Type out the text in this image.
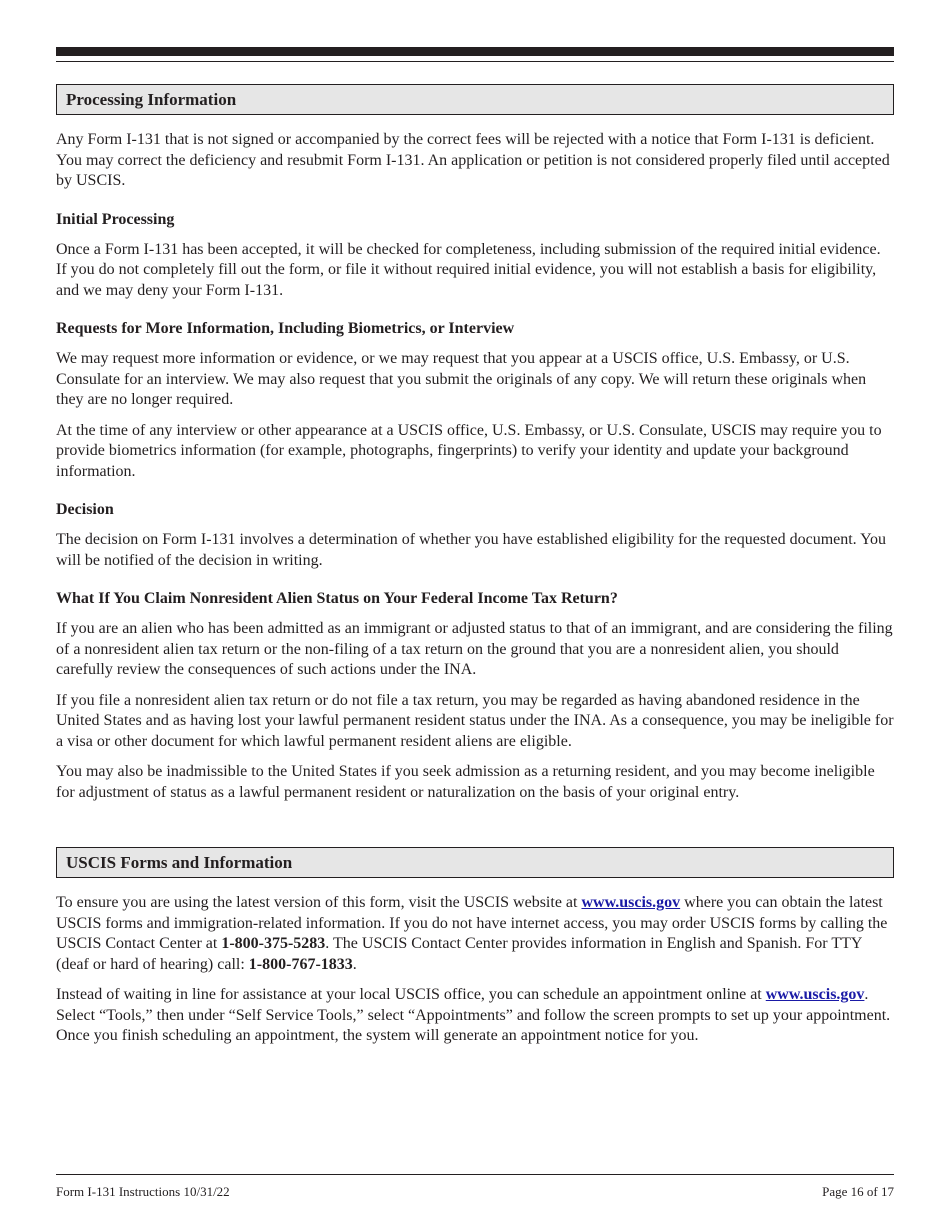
Processing Information

Any Form I-131 that is not signed or accompanied by the correct fees will be rejected with a notice that Form I-131 is deficient. You may correct the deficiency and resubmit Form I-131. An application or petition is not considered properly filed until accepted by USCIS.

Initial Processing

Once a Form I-131 has been accepted, it will be checked for completeness, including submission of the required initial evidence. If you do not completely fill out the form, or file it without required initial evidence, you will not establish a basis for eligibility, and we may deny your Form I-131.

Requests for More Information, Including Biometrics, or Interview

We may request more information or evidence, or we may request that you appear at a USCIS office, U.S. Embassy, or U.S. Consulate for an interview. We may also request that you submit the originals of any copy. We will return these originals when they are no longer required.

At the time of any interview or other appearance at a USCIS office, U.S. Embassy, or U.S. Consulate, USCIS may require you to provide biometrics information (for example, photographs, fingerprints) to verify your identity and update your background information.

Decision

The decision on Form I-131 involves a determination of whether you have established eligibility for the requested document. You will be notified of the decision in writing.

What If You Claim Nonresident Alien Status on Your Federal Income Tax Return?

If you are an alien who has been admitted as an immigrant or adjusted status to that of an immigrant, and are considering the filing of a nonresident alien tax return or the non-filing of a tax return on the ground that you are a nonresident alien, you should carefully review the consequences of such actions under the INA.

If you file a nonresident alien tax return or do not file a tax return, you may be regarded as having abandoned residence in the United States and as having lost your lawful permanent resident status under the INA. As a consequence, you may be ineligible for a visa or other document for which lawful permanent resident aliens are eligible.

You may also be inadmissible to the United States if you seek admission as a returning resident, and you may become ineligible for adjustment of status as a lawful permanent resident or naturalization on the basis of your original entry.

USCIS Forms and Information

To ensure you are using the latest version of this form, visit the USCIS website at www.uscis.gov where you can obtain the latest USCIS forms and immigration-related information. If you do not have internet access, you may order USCIS forms by calling the USCIS Contact Center at 1-800-375-5283. The USCIS Contact Center provides information in English and Spanish. For TTY (deaf or hard of hearing) call: 1-800-767-1833.

Instead of waiting in line for assistance at your local USCIS office, you can schedule an appointment online at www.uscis.gov. Select “Tools,” then under “Self Service Tools,” select “Appointments” and follow the screen prompts to set up your appointment. Once you finish scheduling an appointment, the system will generate an appointment notice for you.

Form I-131 Instructions 10/31/22	Page 16 of 17
